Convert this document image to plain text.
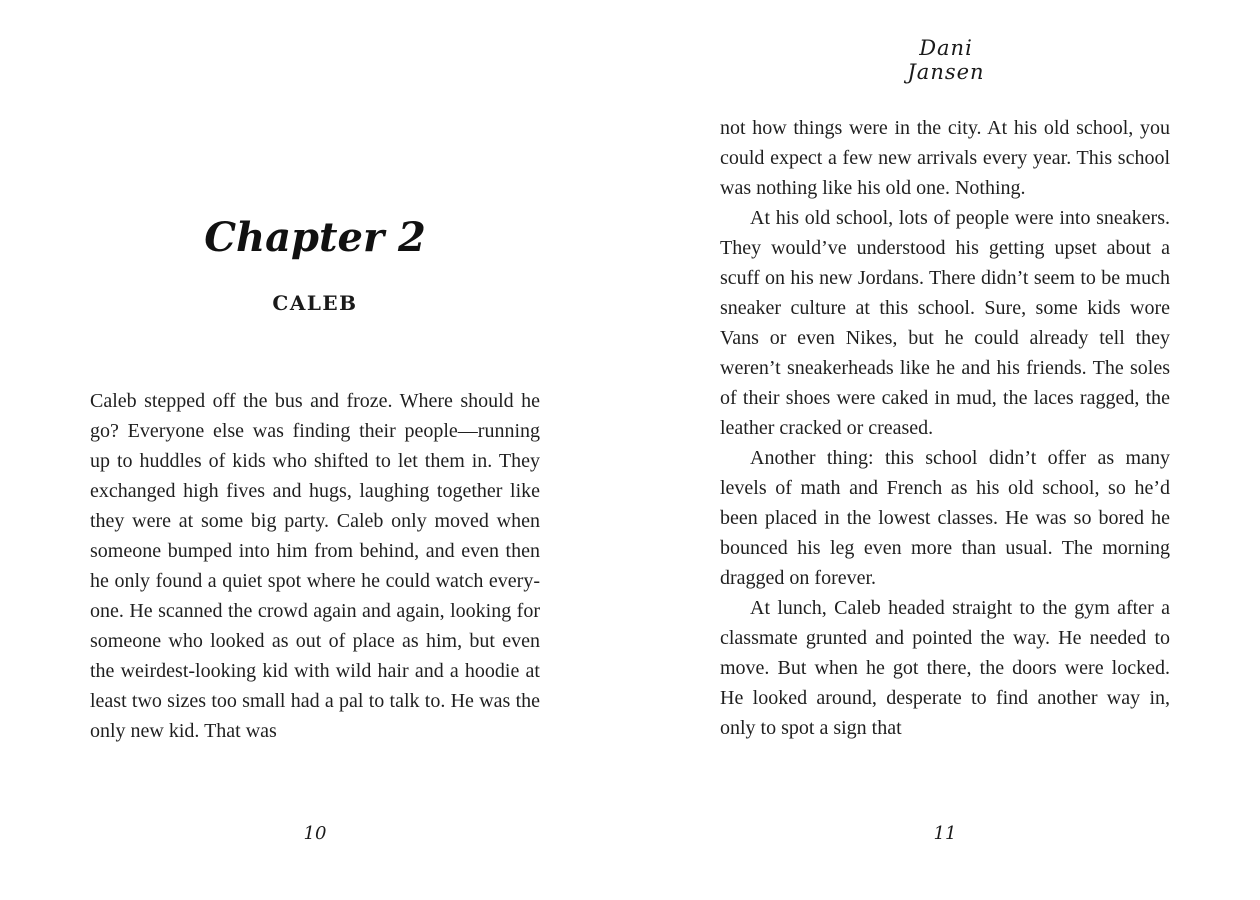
Chapter 2
CALEB

Caleb stepped off the bus and froze. Where should he go? Everyone else was finding their people—running up to huddles of kids who shifted to let them in. They exchanged high fives and hugs, laughing together like they were at some big party. Caleb only moved when someone bumped into him from behind, and even then he only found a quiet spot where he could watch everyone. He scanned the crowd again and again, looking for someone who looked as out of place as him, but even the weirdest-looking kid with wild hair and a hoodie at least two sizes too small had a pal to talk to. He was the only new kid. That was

10
Dani Jansen

not how things were in the city. At his old school, you could expect a few new arrivals every year. This school was nothing like his old one. Nothing.

At his old school, lots of people were into sneakers. They would’ve understood his getting upset about a scuff on his new Jordans. There didn’t seem to be much sneaker culture at this school. Sure, some kids wore Vans or even Nikes, but he could already tell they weren’t sneakerheads like he and his friends. The soles of their shoes were caked in mud, the laces ragged, the leather cracked or creased.

Another thing: this school didn’t offer as many levels of math and French as his old school, so he’d been placed in the lowest classes. He was so bored he bounced his leg even more than usual. The morning dragged on forever.

At lunch, Caleb headed straight to the gym after a classmate grunted and pointed the way. He needed to move. But when he got there, the doors were locked. He looked around, desperate to find another way in, only to spot a sign that

11
